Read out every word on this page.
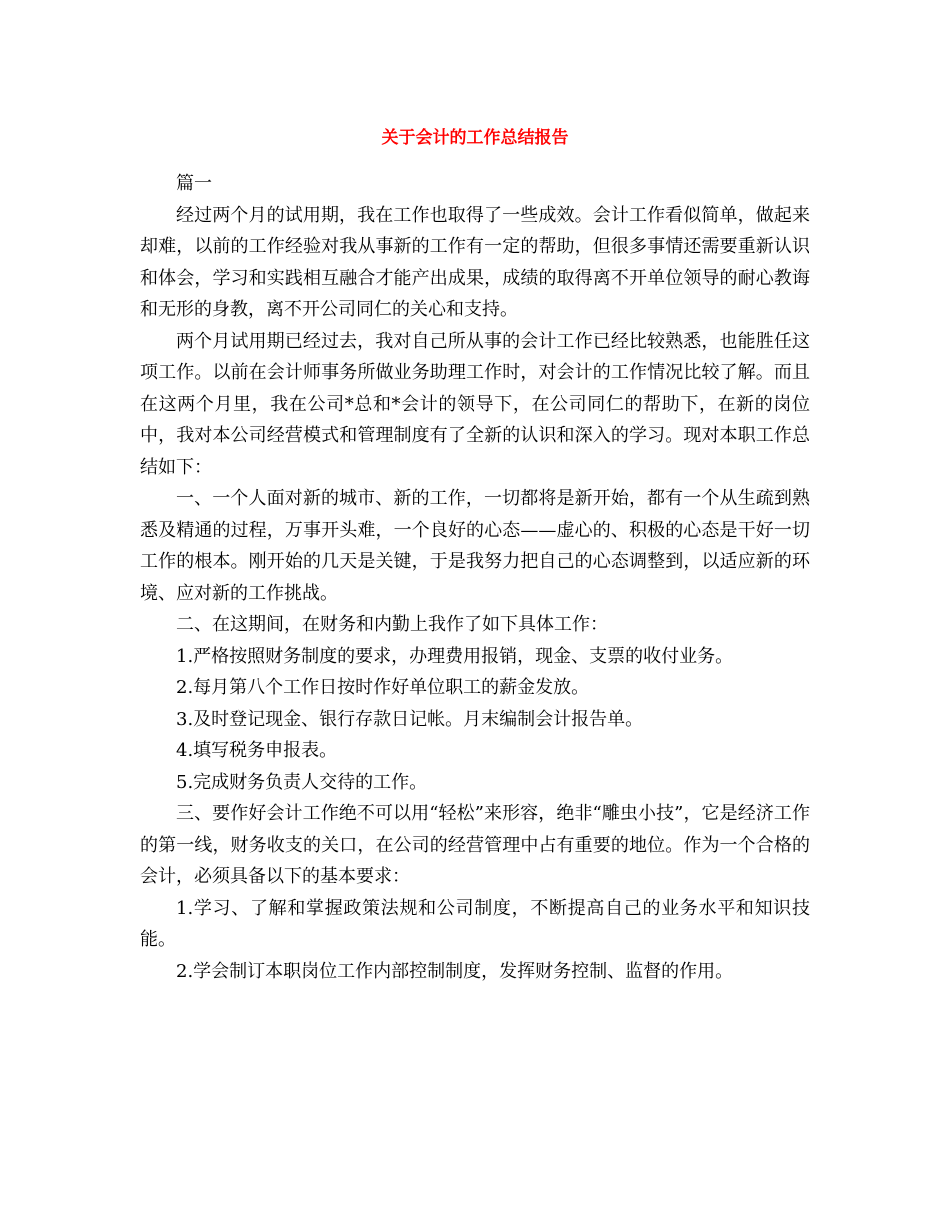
关于会计的工作总结报告

篇一

经过两个月的试用期，我在工作也取得了一些成效。会计工作看似简单，做起来却难，以前的工作经验对我从事新的工作有一定的帮助，但很多事情还需要重新认识和体会，学习和实践相互融合才能产出成果，成绩的取得离不开单位领导的耐心教诲和无形的身教，离不开公司同仁的关心和支持。

两个月试用期已经过去，我对自己所从事的会计工作已经比较熟悉，也能胜任这项工作。以前在会计师事务所做业务助理工作时，对会计的工作情况比较了解。而且在这两个月里，我在公司*总和*会计的领导下，在公司同仁的帮助下，在新的岗位中，我对本公司经营模式和管理制度有了全新的认识和深入的学习。现对本职工作总结如下：

一、一个人面对新的城市、新的工作，一切都将是新开始，都有一个从生疏到熟悉及精通的过程，万事开头难，一个良好的心态——虚心的、积极的心态是干好一切工作的根本。刚开始的几天是关键，于是我努力把自己的心态调整到，以适应新的环境、应对新的工作挑战。

二、在这期间，在财务和内勤上我作了如下具体工作：

1.严格按照财务制度的要求，办理费用报销，现金、支票的收付业务。

2.每月第八个工作日按时作好单位职工的薪金发放。

3.及时登记现金、银行存款日记帐。月末编制会计报告单。

4.填写税务申报表。

5.完成财务负责人交待的工作。

三、要作好会计工作绝不可以用“轻松”来形容，绝非“雕虫小技”，它是经济工作的第一线，财务收支的关口，在公司的经营管理中占有重要的地位。作为一个合格的会计，必须具备以下的基本要求：

1.学习、了解和掌握政策法规和公司制度，不断提高自己的业务水平和知识技能。

2.学会制订本职岗位工作内部控制制度，发挥财务控制、监督的作用。
